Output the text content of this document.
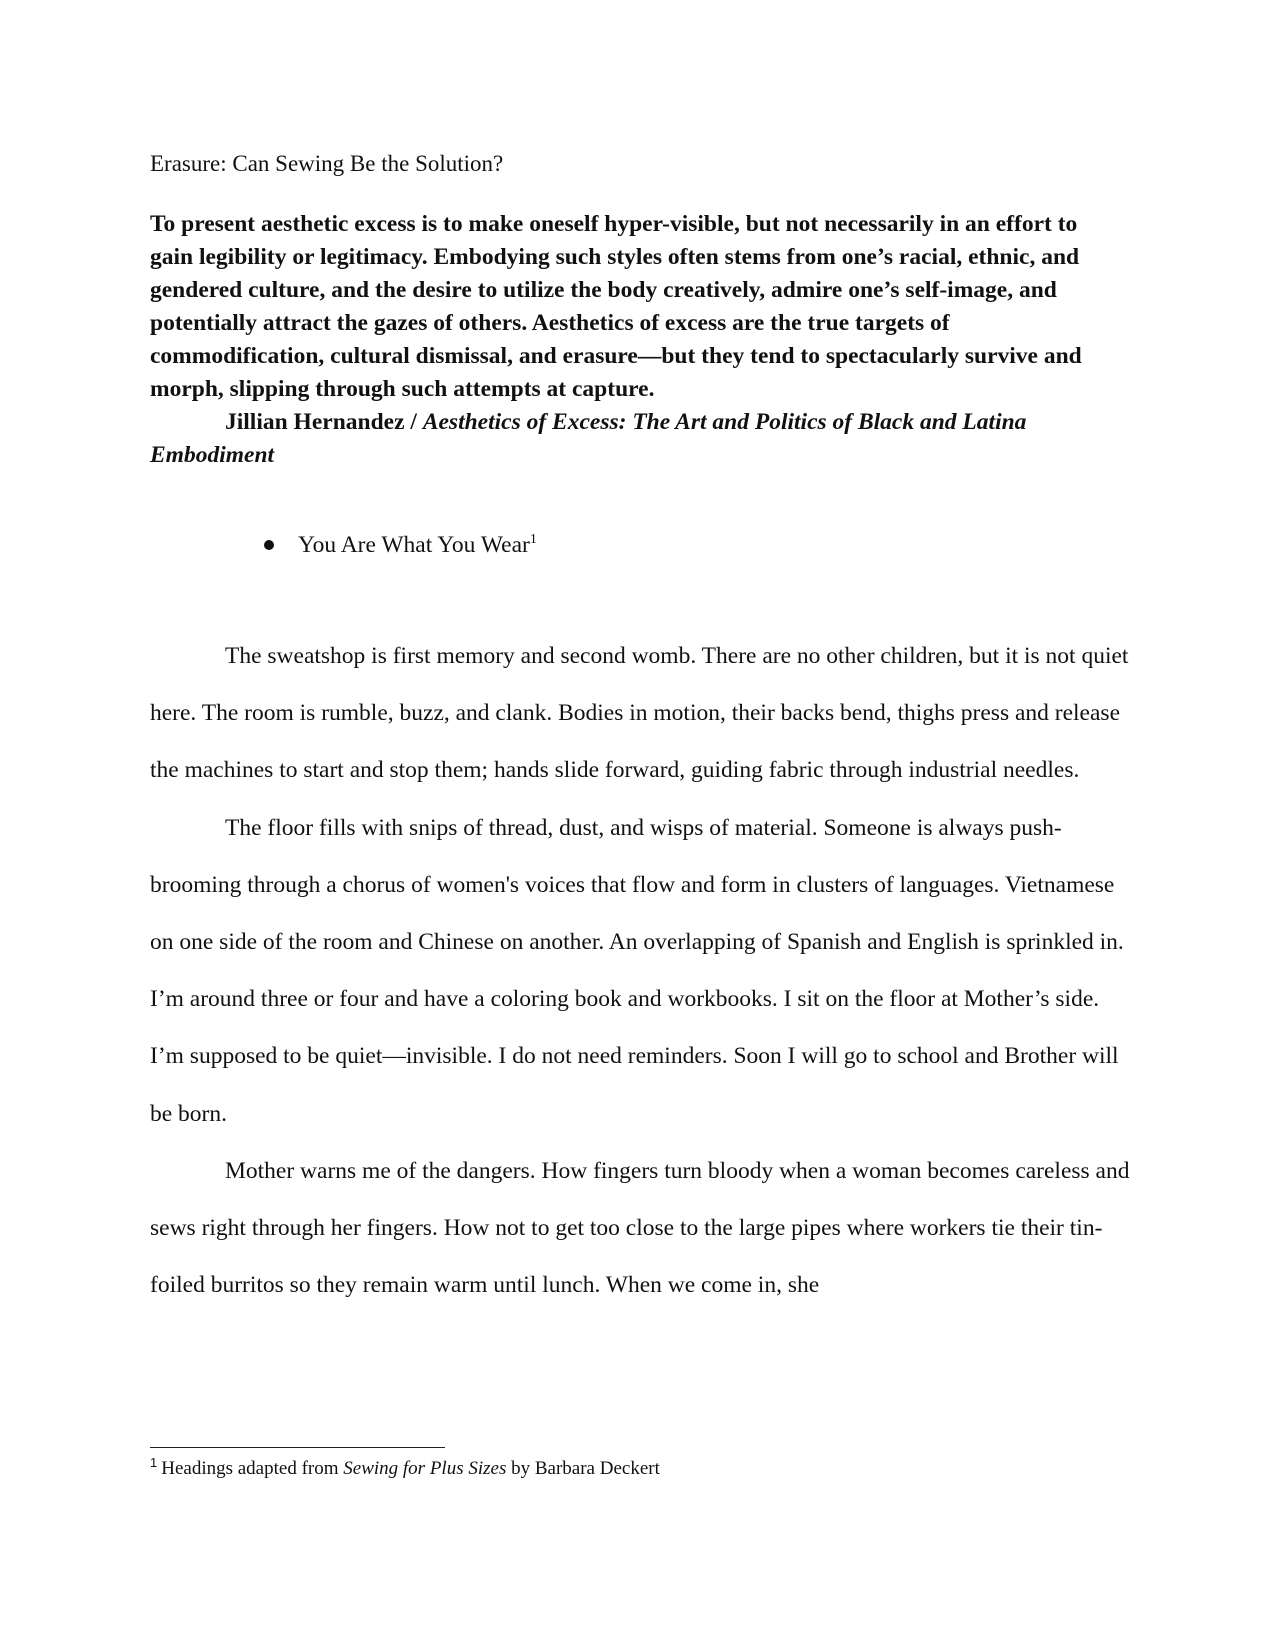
Erasure: Can Sewing Be the Solution?

To present aesthetic excess is to make oneself hyper-visible, but not necessarily in an effort to gain legibility or legitimacy. Embodying such styles often stems from one’s racial, ethnic, and gendered culture, and the desire to utilize the body creatively, admire one’s self-image, and potentially attract the gazes of others. Aesthetics of excess are the true targets of commodification, cultural dismissal, and erasure—but they tend to spectacularly survive and morph, slipping through such attempts at capture.

Jillian Hernandez / Aesthetics of Excess: The Art and Politics of Black and Latina Embodiment

You Are What You Wear$^1$

The sweatshop is first memory and second womb. There are no other children, but it is not quiet here. The room is rumble, buzz, and clank. Bodies in motion, their backs bend, thighs press and release the machines to start and stop them; hands slide forward, guiding fabric through industrial needles.

The floor fills with snips of thread, dust, and wisps of material. Someone is always push-brooming through a chorus of women's voices that flow and form in clusters of languages. Vietnamese on one side of the room and Chinese on another. An overlapping of Spanish and English is sprinkled in. I’m around three or four and have a coloring book and workbooks. I sit on the floor at Mother’s side. I’m supposed to be quiet—invisible. I do not need reminders. Soon I will go to school and Brother will be born.

Mother warns me of the dangers. How fingers turn bloody when a woman becomes careless and sews right through her fingers. How not to get too close to the large pipes where workers tie their tin-foiled burritos so they remain warm until lunch. When we come in, she

$^1$ Headings adapted from Sewing for Plus Sizes by Barbara Deckert
